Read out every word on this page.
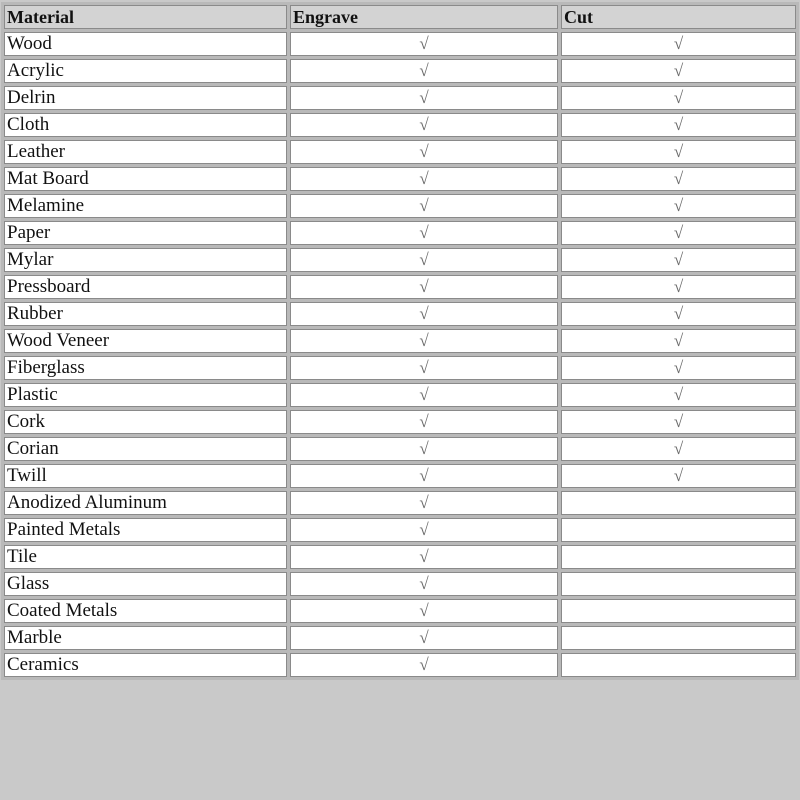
Material	Engrave	Cut
Wood	√	√
Acrylic	√	√
Delrin	√	√
Cloth	√	√
Leather	√	√
Mat Board	√	√
Melamine	√	√
Paper	√	√
Mylar	√	√
Pressboard	√	√
Rubber	√	√
Wood Veneer	√	√
Fiberglass	√	√
Plastic	√	√
Cork	√	√
Corian	√	√
Twill	√	√
Anodized Aluminum	√	
Painted Metals	√	
Tile	√	
Glass	√	
Coated Metals	√	
Marble	√	
Ceramics	√	
